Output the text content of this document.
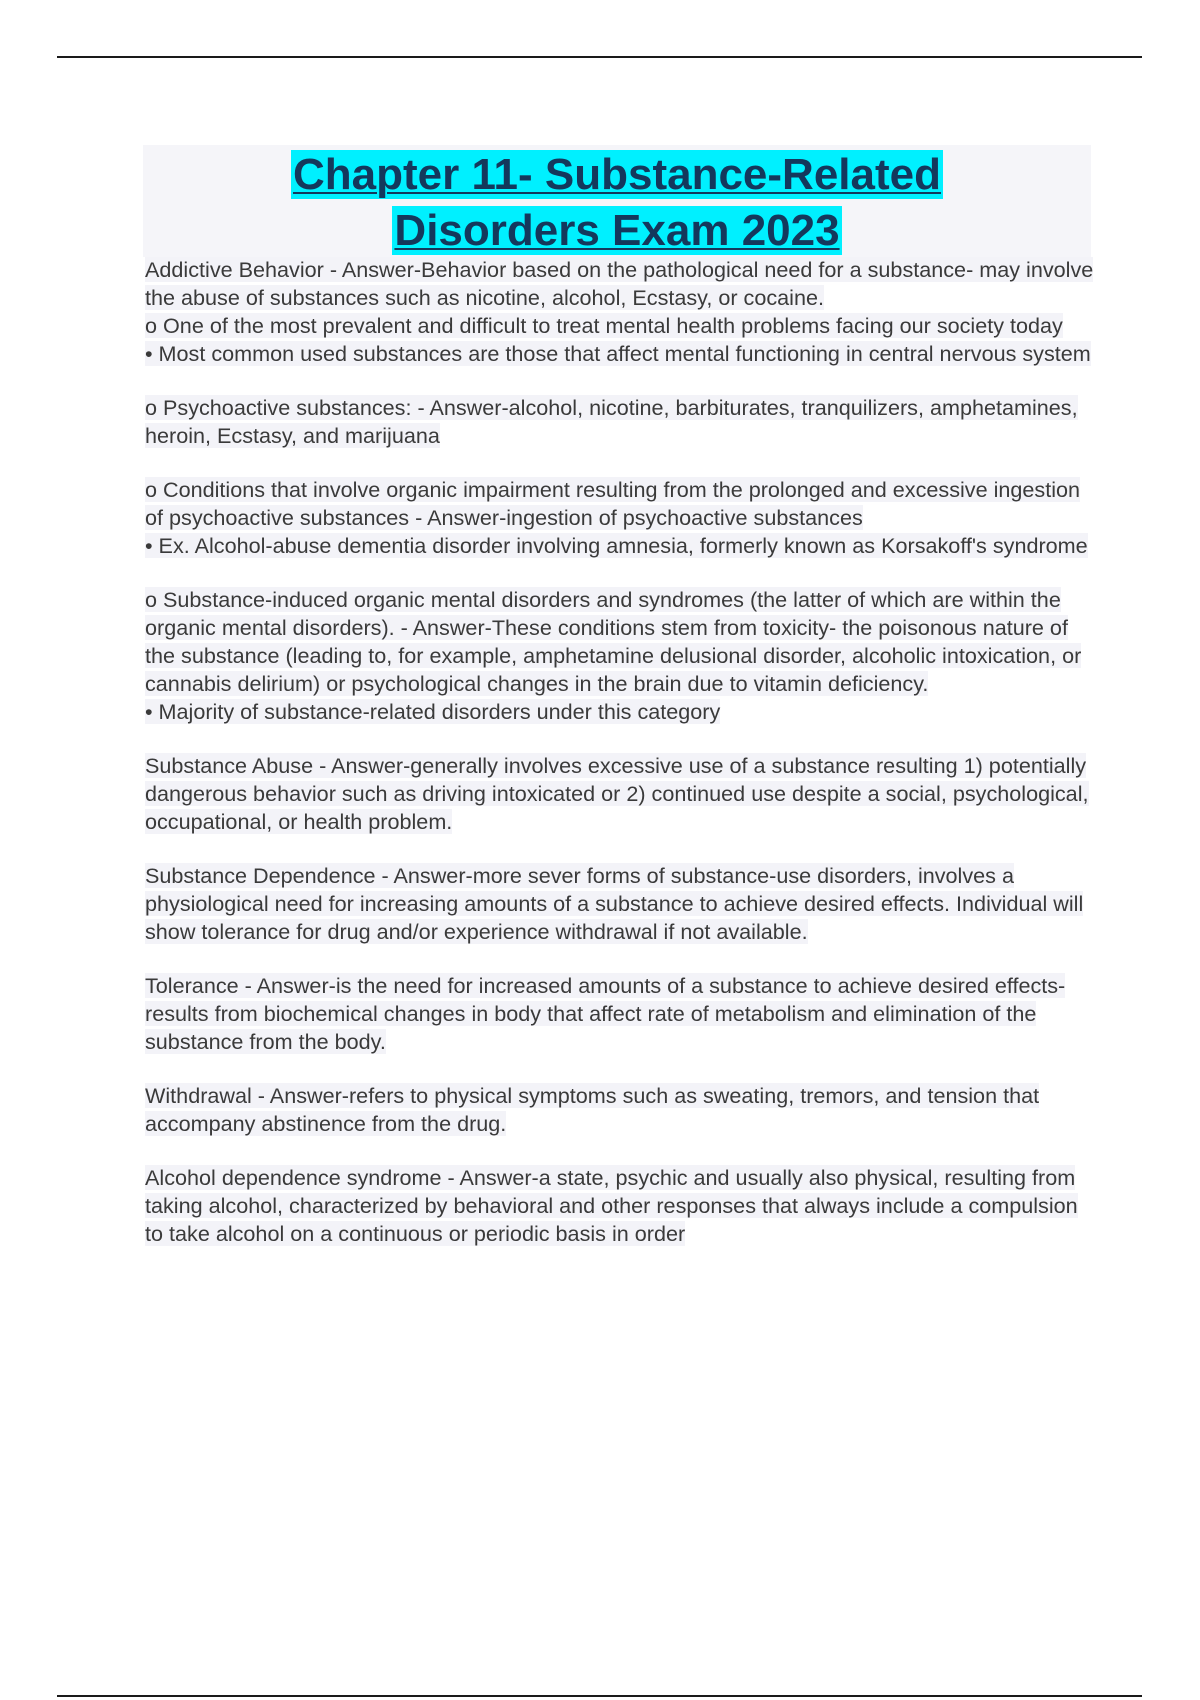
Chapter 11- Substance-Related
Disorders Exam 2023

Addictive Behavior - Answer-Behavior based on the pathological need for a substance- may involve the abuse of substances such as nicotine, alcohol, Ecstasy, or cocaine.

o One of the most prevalent and difficult to treat mental health problems facing our society today

• Most common used substances are those that affect mental functioning in central nervous system

o Psychoactive substances: - Answer-alcohol, nicotine, barbiturates, tranquilizers, amphetamines, heroin, Ecstasy, and marijuana

o Conditions that involve organic impairment resulting from the prolonged and excessive ingestion of psychoactive substances - Answer-ingestion of psychoactive substances

• Ex. Alcohol-abuse dementia disorder involving amnesia, formerly known as Korsakoff's syndrome

o Substance-induced organic mental disorders and syndromes (the latter of which are within the organic mental disorders). - Answer-These conditions stem from toxicity- the poisonous nature of the substance (leading to, for example, amphetamine delusional disorder, alcoholic intoxication, or cannabis delirium) or psychological changes in the brain due to vitamin deficiency.

• Majority of substance-related disorders under this category

Substance Abuse - Answer-generally involves excessive use of a substance resulting 1) potentially dangerous behavior such as driving intoxicated or 2) continued use despite a social, psychological, occupational, or health problem.

Substance Dependence - Answer-more sever forms of substance-use disorders, involves a physiological need for increasing amounts of a substance to achieve desired effects. Individual will show tolerance for drug and/or experience withdrawal if not available.

Tolerance - Answer-is the need for increased amounts of a substance to achieve desired effects- results from biochemical changes in body that affect rate of metabolism and elimination of the substance from the body.

Withdrawal - Answer-refers to physical symptoms such as sweating, tremors, and tension that accompany abstinence from the drug.

Alcohol dependence syndrome - Answer-a state, psychic and usually also physical, resulting from taking alcohol, characterized by behavioral and other responses that always include a compulsion to take alcohol on a continuous or periodic basis in order
